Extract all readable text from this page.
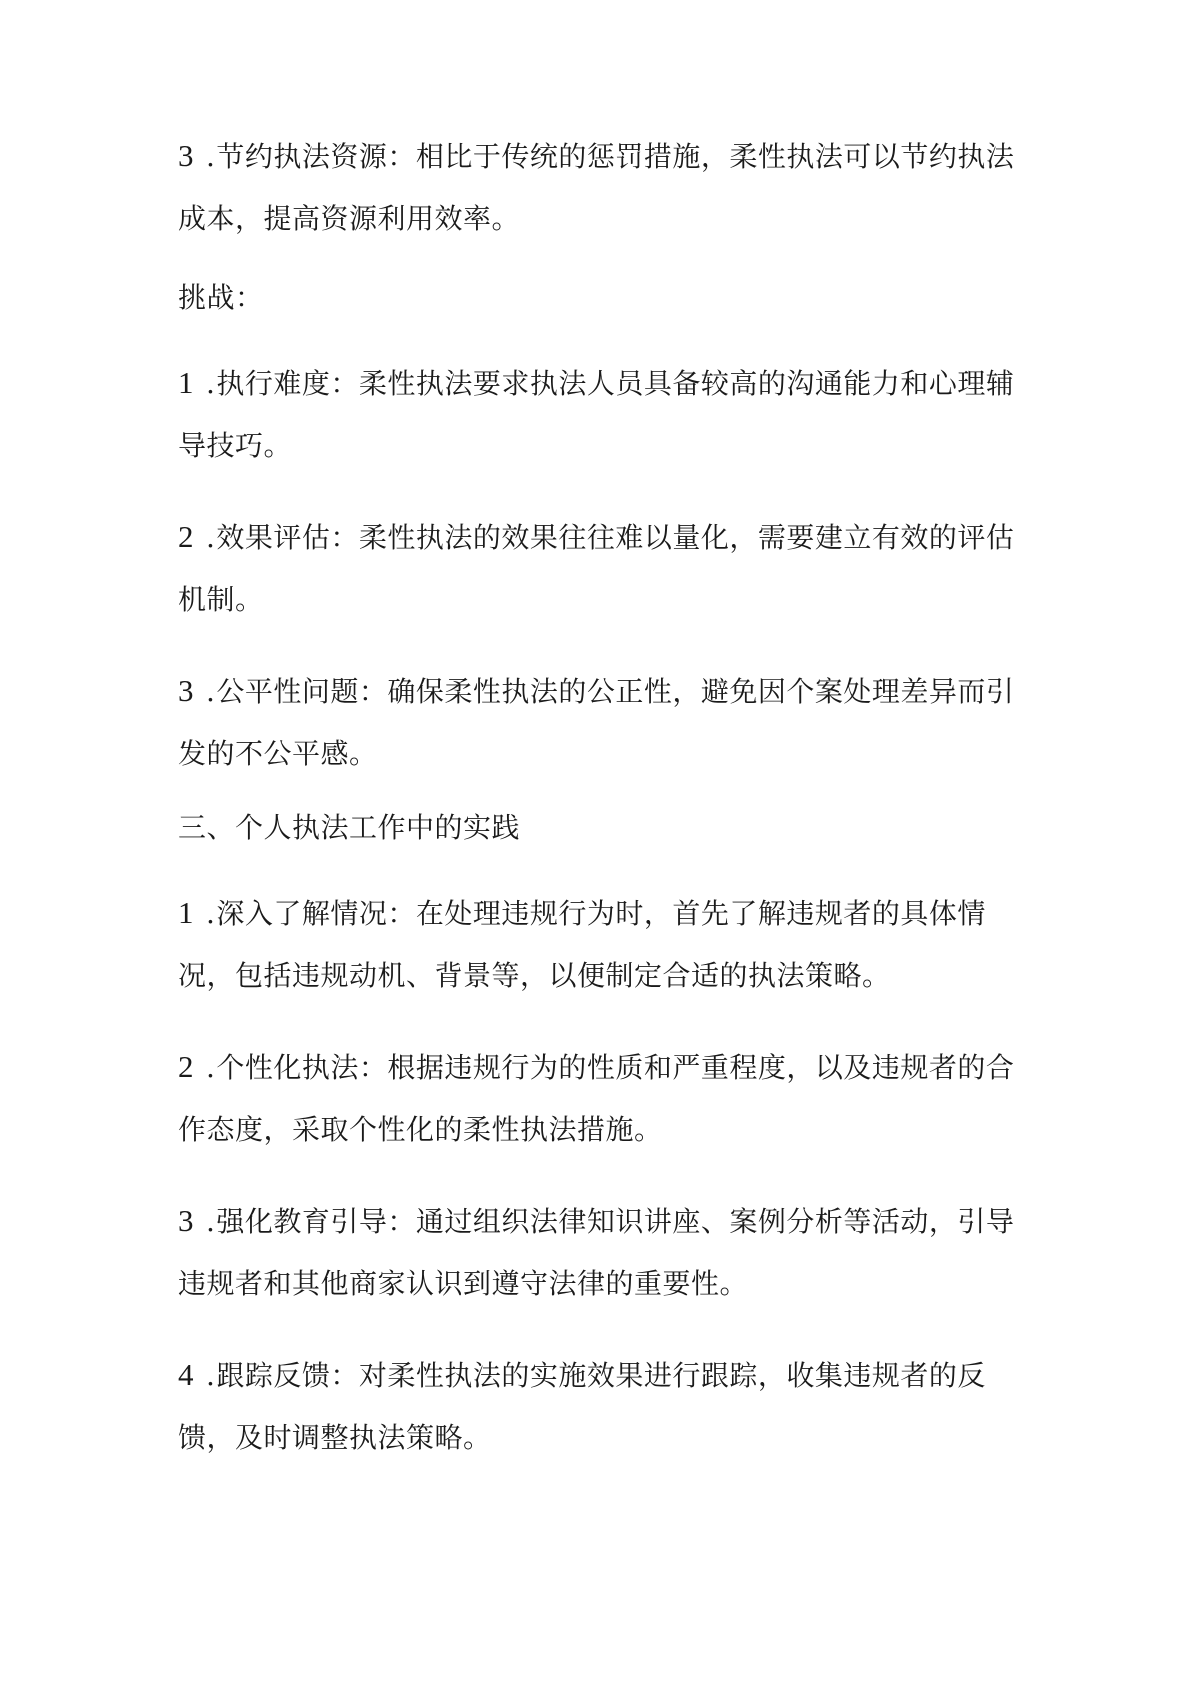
3 .节约执法资源：相比于传统的惩罚措施，柔性执法可以节约执法成本，提高资源利用效率。

挑战：

1 .执行难度：柔性执法要求执法人员具备较高的沟通能力和心理辅导技巧。

2 .效果评估：柔性执法的效果往往难以量化，需要建立有效的评估机制。

3 .公平性问题：确保柔性执法的公正性，避免因个案处理差异而引发的不公平感。

三、个人执法工作中的实践

1 .深入了解情况：在处理违规行为时，首先了解违规者的具体情况，包括违规动机、背景等，以便制定合适的执法策略。

2 .个性化执法：根据违规行为的性质和严重程度，以及违规者的合作态度，采取个性化的柔性执法措施。

3 .强化教育引导：通过组织法律知识讲座、案例分析等活动，引导违规者和其他商家认识到遵守法律的重要性。

4 .跟踪反馈：对柔性执法的实施效果进行跟踪，收集违规者的反馈，及时调整执法策略。
